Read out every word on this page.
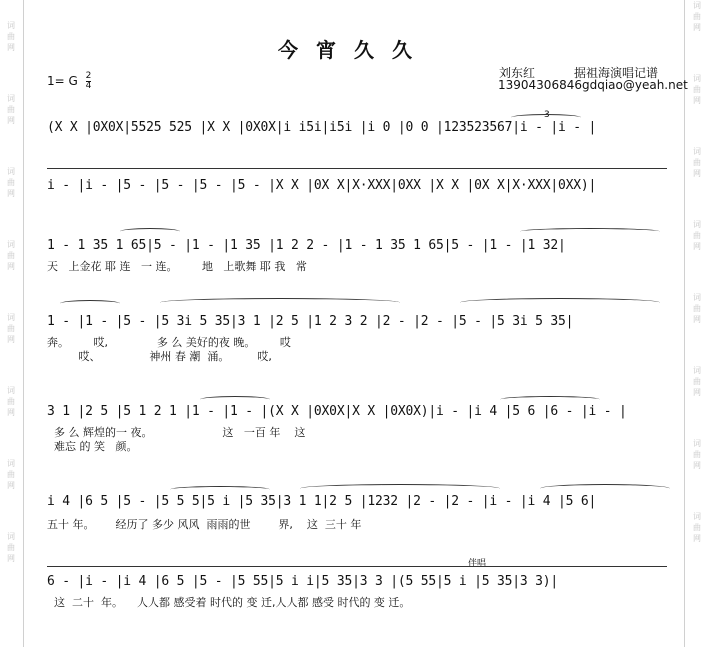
词
曲
网
词
曲
网
词
曲
网
词
曲
网
词
曲
网
词
曲
网
词
曲
网
词
曲
网
词
曲
网
词
曲
网
词
曲
网
词
曲
网
词
曲
网
词
曲
网
词
曲
网
词
曲
网
今宵久久
刘东红	据祖海演唱记谱
13904306846gdqiao@yeah.net
1= G $\frac{2}{4}$
3
(X X |0X0X|5525 525 |X X |0X0X|i i5i|i5i |i 0 |0 0 |123523567|i - |i - |
i - |i - |5 - |5 - |5 - |5 - |X X |0X X|X·XXX|0XX |X X |0X X|X·XXX|0XX)|
1 - 1 35 1 65|5 - |1 - |1 35 |1 2 2 - |1 - 1 35 1 65|5 - |1 - |1 32|
天   上金花 耶 连   一 连。       地   上歌舞 耶 我   常
1 - |1 - |5 - |5 3i 5 35|3 1 |2 5 |1 2 3 2 |2 - |2 - |5 - |5 3i 5 35|
奔。       哎,              多 么 美好的夜 晚。       哎
哎、              神州 春 潮  涌。        哎,
3 1 |2 5 |5 1 2 1 |1 - |1 - |(X X |0X0X|X X |0X0X)|i - |i 4 |5 6 |6 - |i - |
多 么 辉煌的一 夜。                    这   一百 年    这
难忘 的 笑   颜。
i 4 |6 5 |5 - |5 5 5|5 i |5 35|3 1 1|2 5 |1232 |2 - |2 - |i - |i 4 |5 6|
五十 年。      经历了 多少 风风  雨雨的世        界,    这  三十 年
伴唱
6 - |i - |i 4 |6 5 |5 - |5 55|5 i i|5 35|3 3 |(5 55|5 i |5 35|3 3)|
这  二十  年。    人人都 感受着 时代的 变 迁,人人都 感受 时代的 变 迁。
